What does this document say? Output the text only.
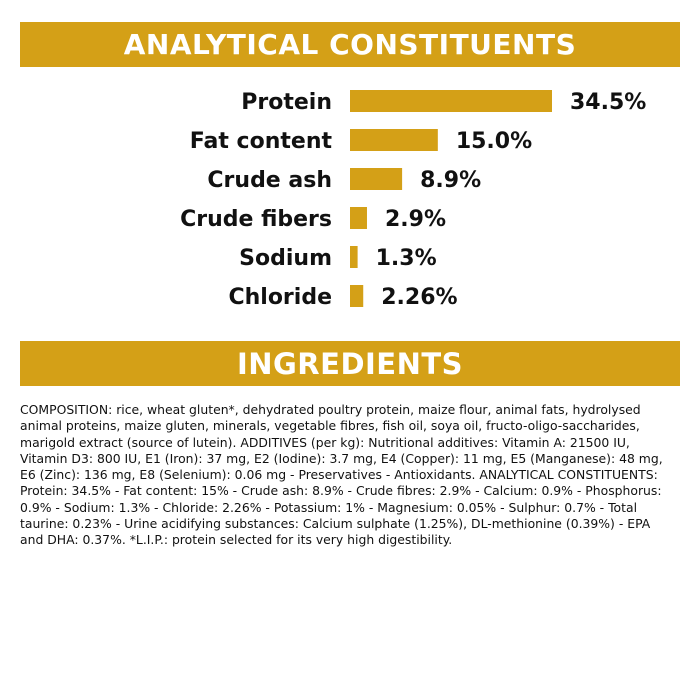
ANALYTICAL CONSTITUENTS
Protein	34.5%
Fat content	15.0%
Crude ash	8.9%
Crude fibers 2.9%
Sodium 1.3%
Chloride 2.26%
INGREDIENTS
COMPOSITION: rice, wheat gluten*, dehydrated poultry protein, maize flour, animal fats, hydrolysed
animal proteins, maize gluten, minerals, vegetable fibres, fish oil, soya oil, fructo-oligo-saccharides,
marigold extract (source of lutein). ADDITIVES (per kg): Nutritional additives: Vitamin A: 21500 IU,
Vitamin D3: 800 IU, E1 (Iron): 37 mg, E2 (Iodine): 3.7 mg, E4 (Copper): 11 mg, E5 (Manganese): 48 mg,
E6 (Zinc): 136 mg, E8 (Selenium): 0.06 mg - Preservatives - Antioxidants. ANALYTICAL CONSTITUENTS:
Protein: 34.5% - Fat content: 15% - Crude ash: 8.9% - Crude fibres: 2.9% - Calcium: 0.9% - Phosphorus:
0.9% - Sodium: 1.3% - Chloride: 2.26% - Potassium: 1% - Magnesium: 0.05% - Sulphur: 0.7% - Total
taurine: 0.23% - Urine acidifying substances: Calcium sulphate (1.25%), DL-methionine (0.39%) - EPA
and DHA: 0.37%. *L.I.P.: protein selected for its very high digestibility.
